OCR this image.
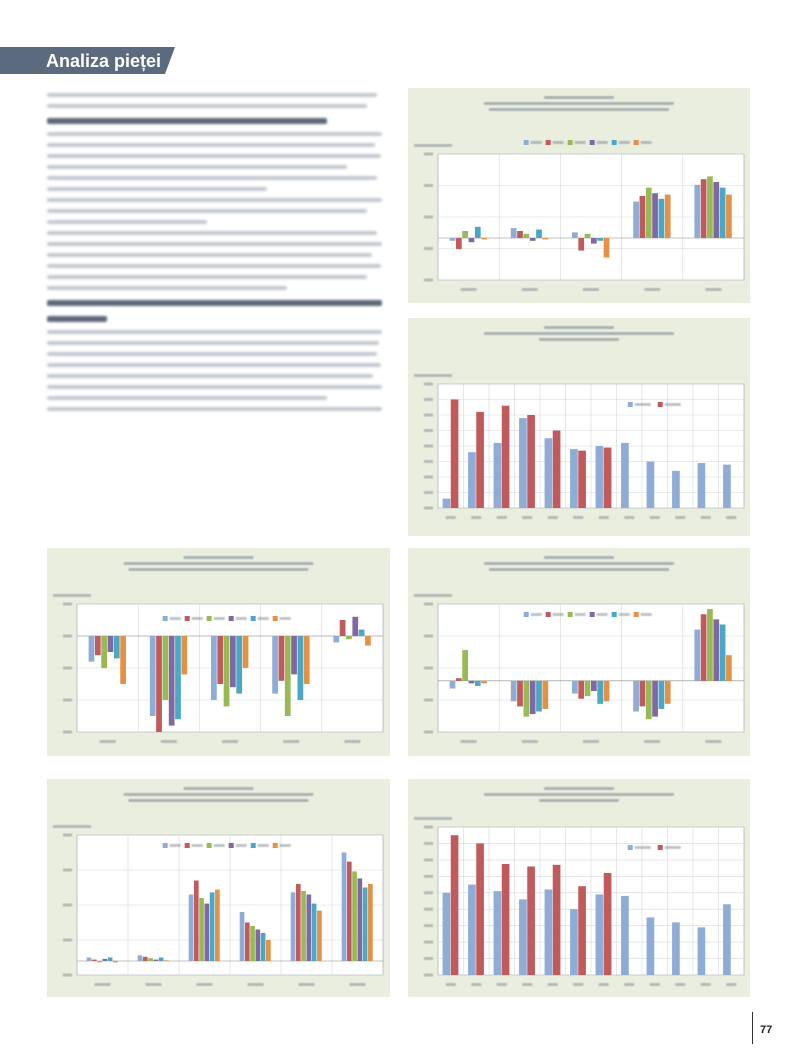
Analiza pieței
77
